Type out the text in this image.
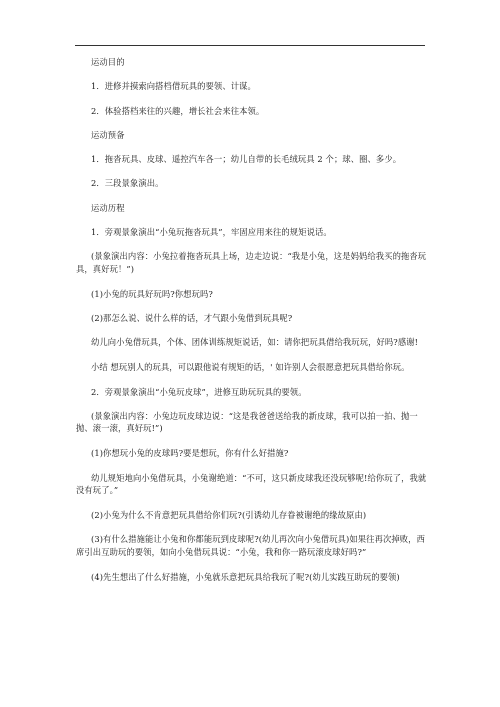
运动目的

1．进修并摸索向搭档借玩具的要领、计谋。

2．体验搭档来往的兴趣，增长社会来往本领。

运动预备

1．拖沓玩具、皮球、遥控汽车各一；幼儿自带的长毛绒玩具 2 个；球、圈、多少。

2．三段景象演出。

运动历程

1．旁观景象演出“小兔玩拖沓玩具”，牢固应用来往的规矩说话。

(景象演出内容：小兔拉着拖沓玩具上场，边走边说：“我是小兔，这是妈妈给我买的拖沓玩具，真好玩！”)

(1)小兔的玩具好玩吗?你想玩吗?

(2)那怎么说、说什么样的话，才气跟小兔借到玩具呢?

幼儿向小兔借玩具，个体、团体训练规矩说话，如：请你把玩具借给我玩玩，好吗?感谢!

小结 想玩别人的玩具，可以跟他说有规矩的话，' 如许别人会很愿意把玩具借给你玩。

2．旁观景象演出“小兔玩皮球”，进修互助玩玩具的要领。

(景象演出内容：小兔边玩皮球边说：“这是我爸爸送给我的新皮球，我可以拍一拍、抛一抛、滚一滚，真好玩!”)

(1)你想玩小兔的皮球吗?要是想玩，你有什么好措施?

幼儿规矩地向小兔借玩具，小兔谢绝道：“不可，这只新皮球我还没玩够呢!给你玩了，我就没有玩了。”

(2)小兔为什么不肯意把玩具借给你们玩?(引诱幼儿存眷被谢绝的缘故原由)

(3)有什么措施能让小兔和你都能玩到皮球呢?(幼儿再次向小兔借玩具)如果往再次掉败，西席引出互助玩的要领，如向小兔借玩具说：“小兔，我和你一路玩滚皮球好吗?”

(4)先生想出了什么好措施，小兔就乐意把玩具给我玩了呢?(幼儿实践互助玩的要领)
